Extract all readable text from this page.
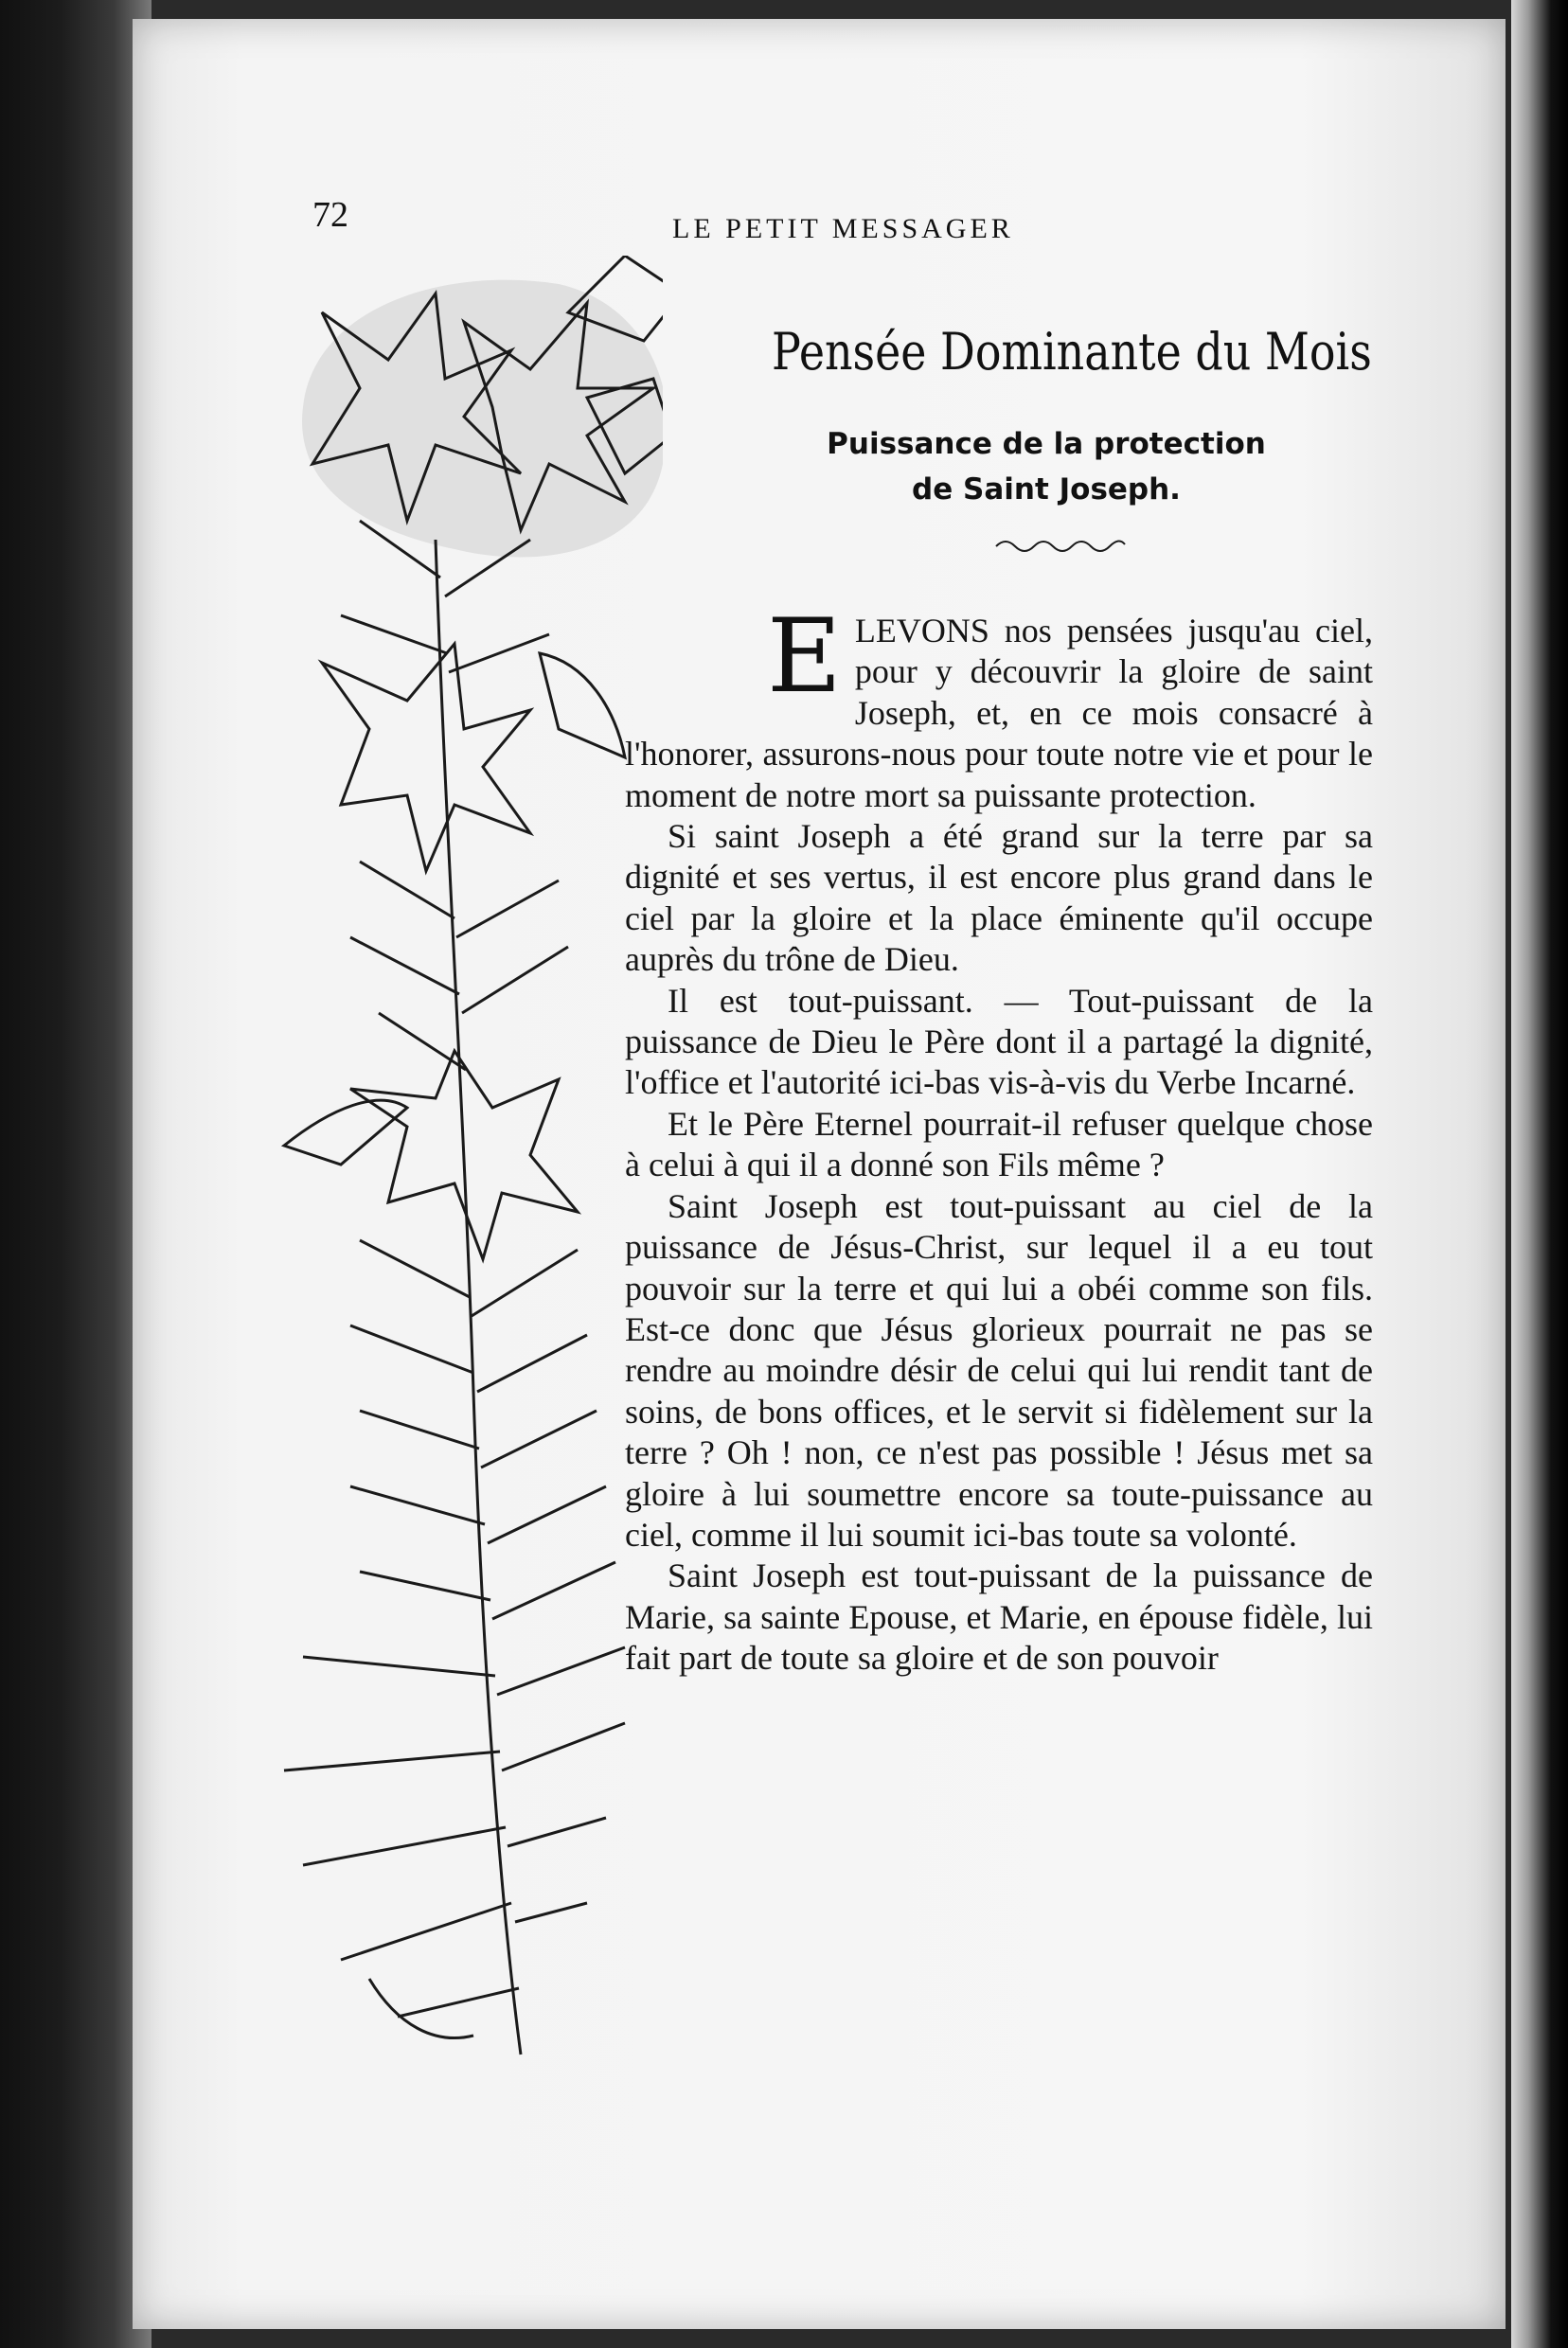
72	LE PETIT MESSAGER
Pensée Dominante du Mois
Puissance de la protection
de Saint Joseph.

ELEVONS nos pensées jusqu'au ciel, pour y découvrir la gloire de saint Joseph, et, en ce mois consacré à l'honorer, assurons-nous pour toute notre vie et pour le moment de notre mort sa puissante protection.

Si saint Joseph a été grand sur la terre par sa dignité et ses vertus, il est encore plus grand dans le ciel par la gloire et la place éminente qu'il occupe auprès du trône de Dieu.

Il est tout-puissant. — Tout-puissant de la puissance de Dieu le Père dont il a partagé la dignité, l'office et l'autorité ici-bas vis-à-vis du Verbe Incarné.

Et le Père Eternel pourrait-il refuser quelque chose à celui à qui il a donné son Fils même ?

Saint Joseph est tout-puissant au ciel de la puissance de Jésus-Christ, sur lequel il a eu tout pouvoir sur la terre et qui lui a obéi comme son fils. Est-ce donc que Jésus glorieux pourrait ne pas se rendre au moindre désir de celui qui lui rendit tant de soins, de bons offices, et le servit si fidèlement sur la terre ? Oh ! non, ce n'est pas possible ! Jésus met sa gloire à lui soumettre encore sa toute-puissance au ciel, comme il lui soumit ici-bas toute sa volonté.

Saint Joseph est tout-puissant de la puissance de Marie, sa sainte Epouse, et Marie, en épouse fidèle, lui fait part de toute sa gloire et de son pouvoir
